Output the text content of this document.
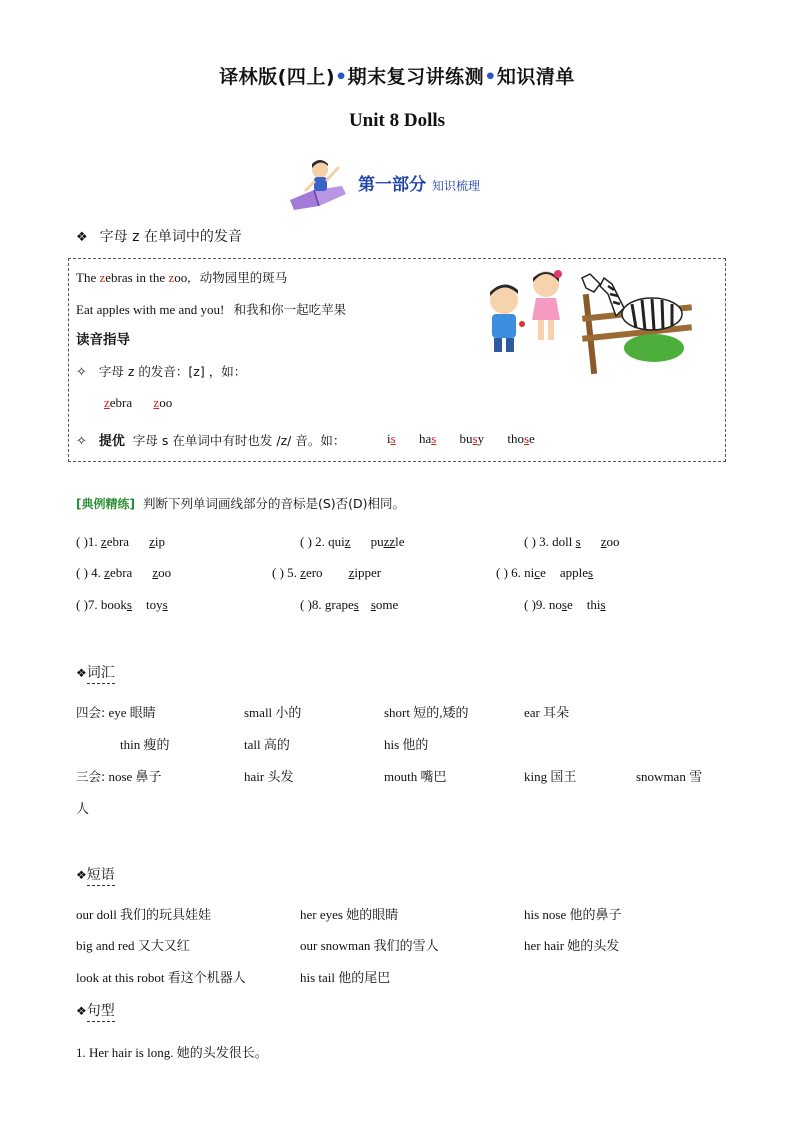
译林版(四上)•期末复习讲练测•知识清单
Unit 8 Dolls
第一部分 知识梳理
❖ 字母 z 在单词中的发音
The zebras in the zoo, 动物园里的斑马
Eat apples with me and you! 和我和你一起吃苹果
读音指导
✧ 字母 z 的发音：[z] ，如：
zebra zoo
✧ 提优 字母 s 在单词中有时也发 /z/ 音。如：	is has busy those
[典例精练] 判断下列单词画线部分的音标是(S)否(D)相同。
( )1. zebra zip	( ) 2. quiz puzzle	( ) 3. doll s zoo
( ) 4. zebra zoo	( ) 5. zero zipper	( ) 6. nice apples
( )7. books toys	( )8. grapes some	( )9. nose this
❖词汇
四会: eye 眼睛	small 小的	short 短的,矮的	ear 耳朵
thin 瘦的	tall 高的	his 他的
三会: nose 鼻子	hair 头发	mouth 嘴巴	king 国王	snowman 雪
人
❖短语
our doll 我们的玩具娃娃	her eyes 她的眼睛	his nose 他的鼻子
big and red 又大又红	our snowman 我们的雪人	her hair 她的头发
look at this robot 看这个机器人	his tail 他的尾巴
❖句型
1. Her hair is long. 她的头发很长。
